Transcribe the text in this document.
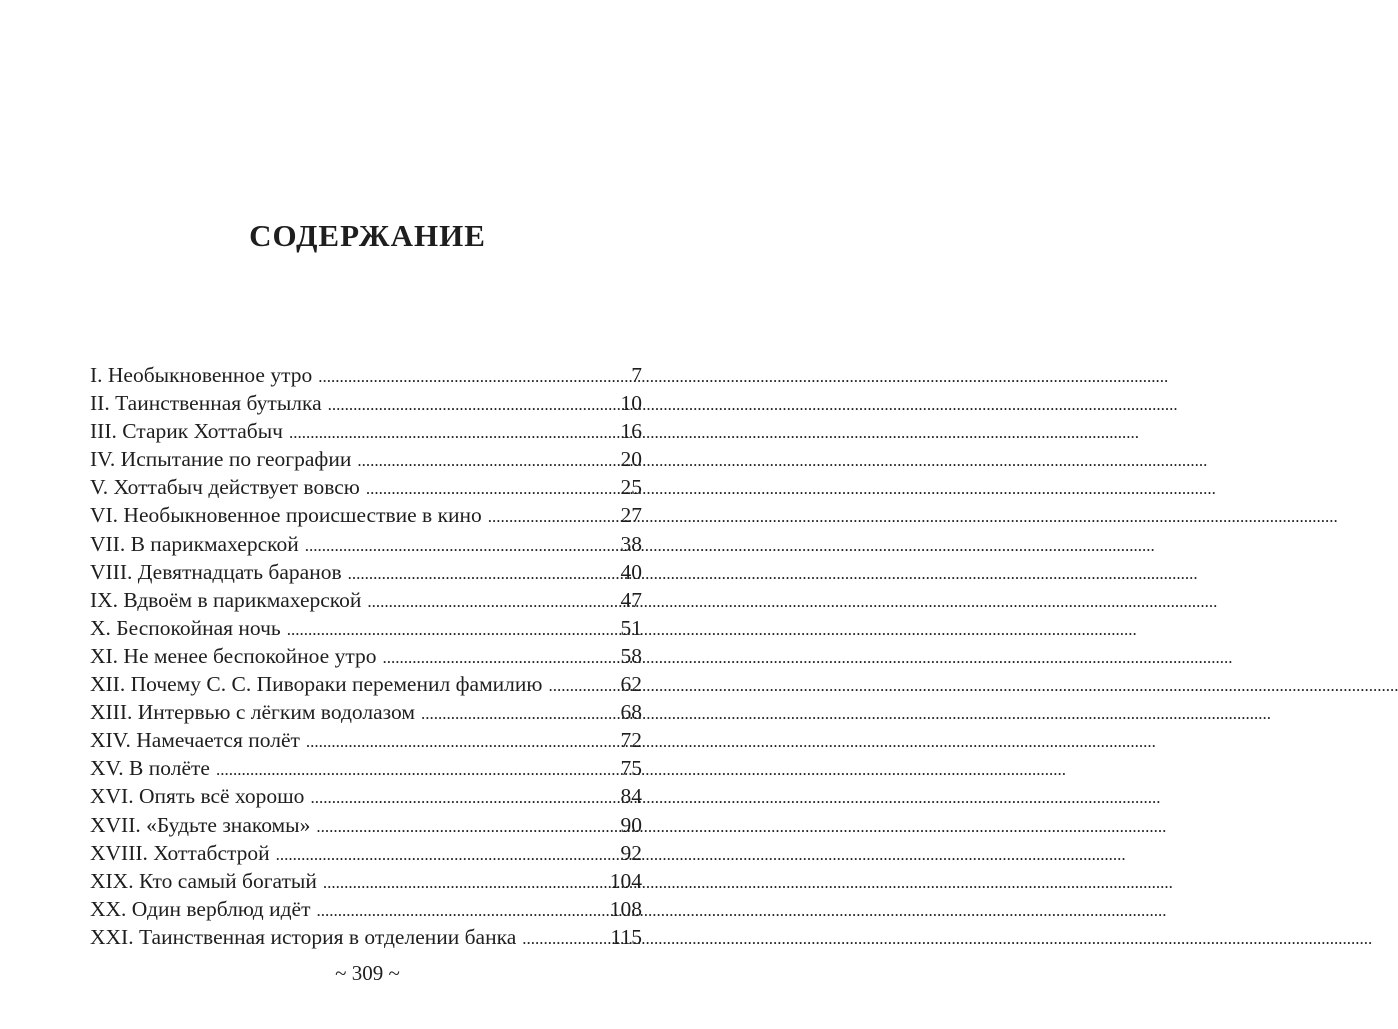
СОДЕРЖАНИЕ
I. Необыкновенное утро .....	7
II. Таинственная бутылка .....	10
III. Старик Хоттабыч .....	16
IV. Испытание по географии .....	20
V. Хоттабыч действует вовсю .....	25
VI. Необыкновенное происшествие в кино .....	27
VII. В парикмахерской .....	38
VIII. Девятнадцать баранов .....	40
IX. Вдвоём в парикмахерской .....	47
X. Беспокойная ночь .....	51
XI. Не менее беспокойное утро .....	58
XII. Почему С. С. Пивораки переменил фамилию .....	62
XIII. Интервью с лёгким водолазом .....	68
XIV. Намечается полёт .....	72
XV. В полёте .....	75
XVI. Опять всё хорошо .....	84
XVII. «Будьте знакомы» .....	90
XVIII. Хоттабстрой .....	92
XIX. Кто самый богатый .....	104
XX. Один верблюд идёт .....	108
XXI. Таинственная история в отделении банка .....	115
~ 309 ~
